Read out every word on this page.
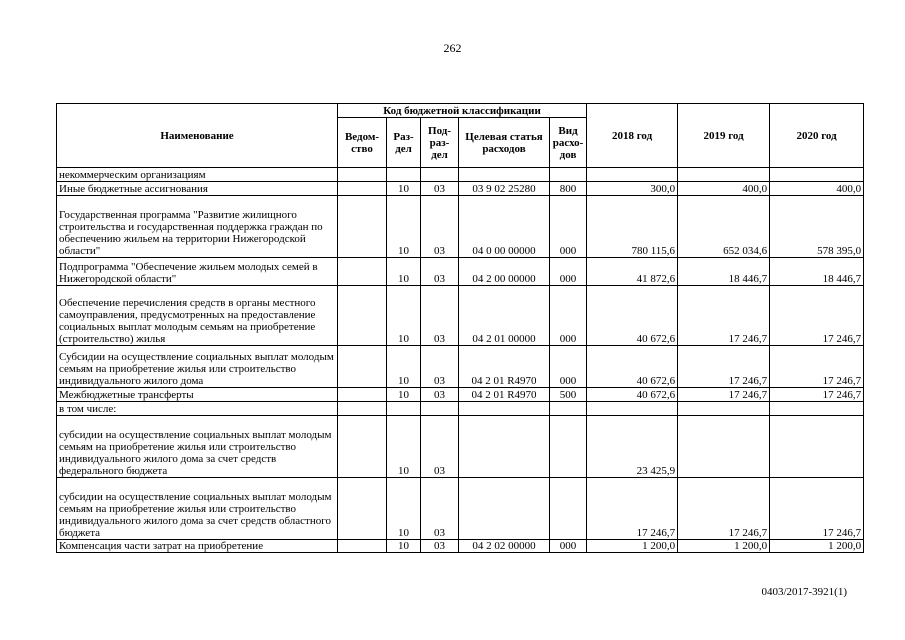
262
Наименование	Код бюджетной классификации					2018 год	2019 год	2020 год
	Ведом-ство	Раз-дел	Под-раз-дел	Целевая статья расходов	Вид расхо-дов			
некоммерческим организациям								
Иные бюджетные ассигнования		10	03	03 9 02 25280	800	300,0	400,0	400,0
Государственная программа "Развитие жилищного строительства и государственная поддержка граждан по обеспечению жильем на территории Нижегородской области"		10	03	04 0 00 00000	000	780 115,6	652 034,6	578 395,0
Подпрограмма "Обеспечение жильем молодых семей в Нижегородской области"		10	03	04 2 00 00000	000	41 872,6	18 446,7	18 446,7
Обеспечение перечисления средств в органы местного самоуправления, предусмотренных на предоставление социальных выплат молодым семьям на приобретение (строительство) жилья		10	03	04 2 01 00000	000	40 672,6	17 246,7	17 246,7
Субсидии на осуществление социальных выплат молодым семьям на приобретение жилья или строительство индивидуального жилого дома		10	03	04 2 01 R4970	000	40 672,6	17 246,7	17 246,7
Межбюджетные трансферты		10	03	04 2 01 R4970	500	40 672,6	17 246,7	17 246,7
в том числе:								
субсидии на осуществление социальных выплат молодым семьям на приобретение жилья или строительство индивидуального жилого дома за счет средств федерального бюджета		10	03			23 425,9		
субсидии на осуществление социальных выплат молодым семьям на приобретение жилья или строительство индивидуального жилого дома за счет средств областного бюджета		10	03			17 246,7	17 246,7	17 246,7
Компенсация части затрат на приобретение		10	03	04 2 02 00000	000	1 200,0	1 200,0	1 200,0
0403/2017-3921(1)
